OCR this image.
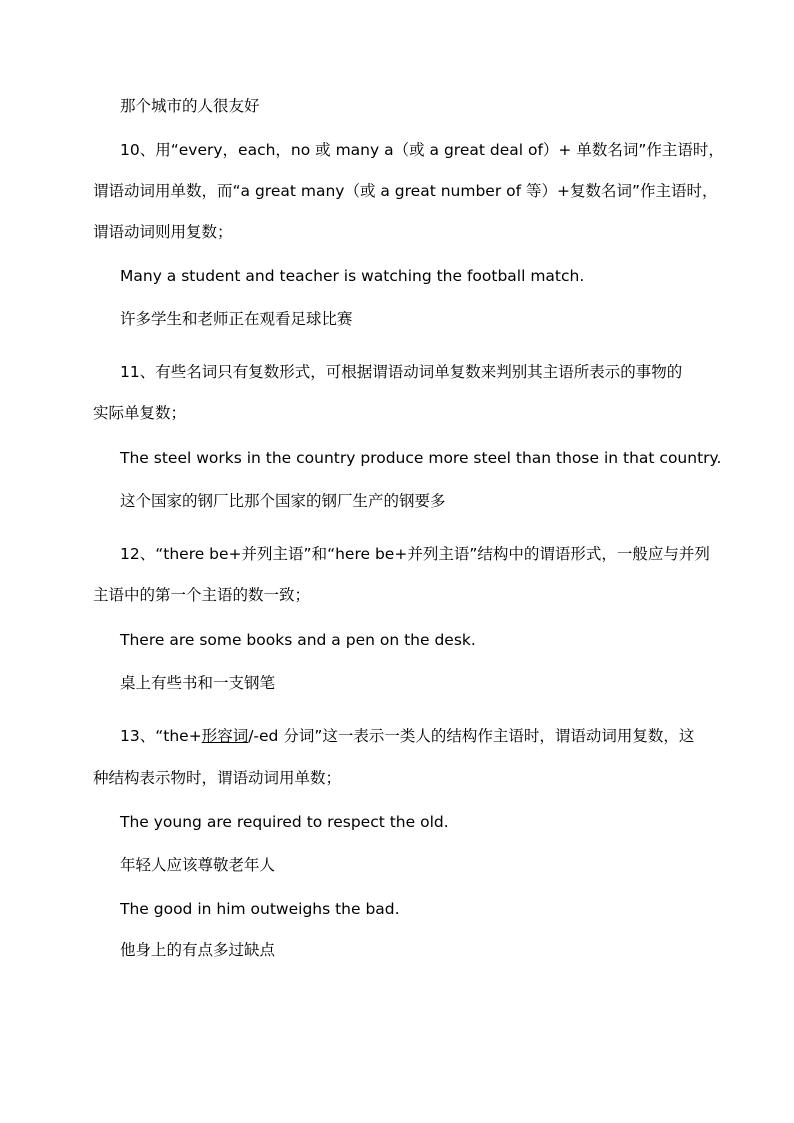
那个城市的人很友好
10、用“every，each，no 或 many a（或 a great deal of）+ 单数名词”作主语时，
谓语动词用单数，而“a great many（或 a great number of 等）+复数名词”作主语时，
谓语动词则用复数；
Many a student and teacher is watching the football match.
许多学生和老师正在观看足球比赛
11、有些名词只有复数形式，可根据谓语动词单复数来判别其主语所表示的事物的
实际单复数；
The steel works in the country produce more steel than those in that country.
这个国家的钢厂比那个国家的钢厂生产的钢要多
12、“there be+并列主语”和“here be+并列主语”结构中的谓语形式，一般应与并列
主语中的第一个主语的数一致；
There are some books and a pen on the desk.
桌上有些书和一支钢笔
13、“the+形容词/-ed 分词”这一表示一类人的结构作主语时，谓语动词用复数，这
种结构表示物时，谓语动词用单数；
The young are required to respect the old.
年轻人应该尊敬老年人
The good in him outweighs the bad.
他身上的有点多过缺点
